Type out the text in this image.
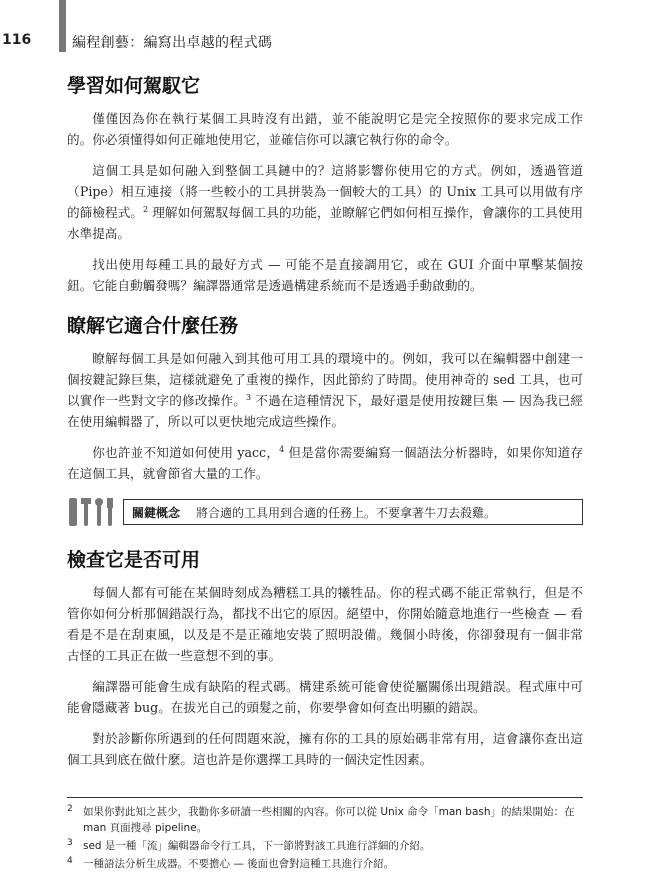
116	編程創藝：編寫出卓越的程式碼
學習如何駕馭它

僅僅因為你在執行某個工具時沒有出錯，並不能說明它是完全按照你的要求完成工作的。你必須懂得如何正確地使用它，並確信你可以讓它執行你的命令。

這個工具是如何融入到整個工具鏈中的？這將影響你使用它的方式。例如，透過管道（Pipe）相互連接（將一些較小的工具拼裝為一個較大的工具）的 Unix 工具可以用做有序的篩檢程式。$^2$ 理解如何駕馭每個工具的功能，並瞭解它們如何相互操作，會讓你的工具使用水準提高。

找出使用每種工具的最好方式 — 可能不是直接調用它，或在 GUI 介面中單擊某個按鈕。它能自動觸發嗎？編譯器通常是透過構建系統而不是透過手動啟動的。

瞭解它適合什麼任務

瞭解每個工具是如何融入到其他可用工具的環境中的。例如，我可以在編輯器中創建一個按鍵記錄巨集，這樣就避免了重複的操作，因此節約了時間。使用神奇的 sed 工具，也可以實作一些對文字的修改操作。$^3$ 不過在這種情況下，最好還是使用按鍵巨集 — 因為我已經在使用編輯器了，所以可以更快地完成這些操作。

你也許並不知道如何使用 yacc，$^4$ 但是當你需要編寫一個語法分析器時，如果你知道存在這個工具，就會節省大量的工作。

關鍵概念 將合適的工具用到合適的任務上。不要拿著牛刀去殺雞。
檢查它是否可用

每個人都有可能在某個時刻成為糟糕工具的犧牲品。你的程式碼不能正常執行，但是不管你如何分析那個錯誤行為，都找不出它的原因。絕望中，你開始隨意地進行一些檢查 — 看看是不是在刮東風，以及是不是正確地安裝了照明設備。幾個小時後，你卻發現有一個非常古怪的工具正在做一些意想不到的事。

編譯器可能會生成有缺陷的程式碼。構建系統可能會使從屬關係出現錯誤。程式庫中可能會隱藏著 bug。在拔光自己的頭髮之前，你要學會如何查出明顯的錯誤。

對於診斷你所遇到的任何問題來說，擁有你的工具的原始碼非常有用，這會讓你查出這個工具到底在做什麼。這也許是你選擇工具時的一個決定性因素。

2 如果你對此知之甚少，我勸你多研讀一些相關的內容。你可以從 Unix 命令「man bash」的結果開始：在 man 頁面搜尋 pipeline。
3 sed 是一種「流」編輯器命令行工具，下一節將對該工具進行詳細的介紹。
4 一種語法分析生成器。不要擔心 — 後面也會對這種工具進行介紹。
